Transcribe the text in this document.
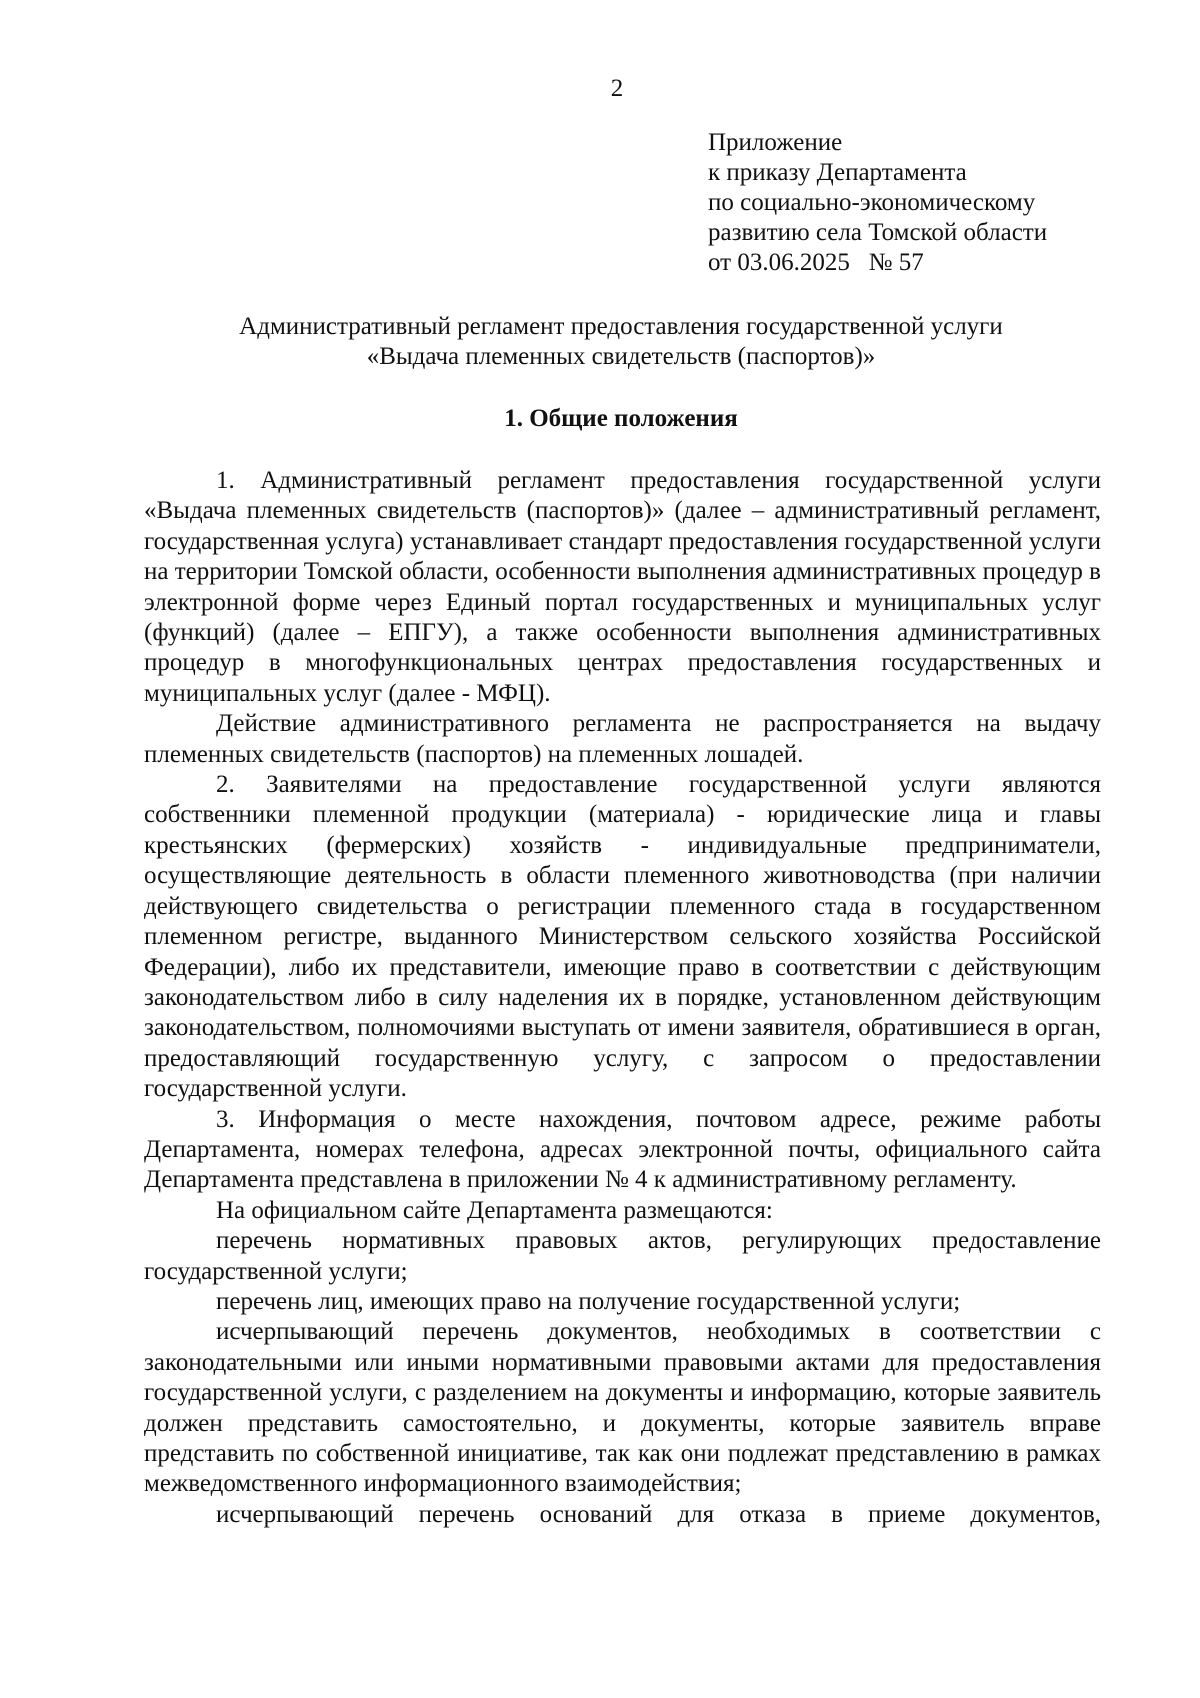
2
Приложение
к приказу Департамента
по социально-экономическому
развитию села Томской области
от 03.06.2025   № 57
Административный регламент предоставления государственной услуги
«Выдача племенных свидетельств (паспортов)»
1. Общие положения

1. Административный регламент предоставления государственной услуги «Выдача племенных свидетельств (паспортов)» (далее – административный регламент, государственная услуга) устанавливает стандарт предоставления государственной услуги на территории Томской области, особенности выполнения административных процедур в электронной форме через Единый портал государственных и муниципальных услуг (функций) (далее – ЕПГУ), а также особенности выполнения административных процедур в многофункциональных центрах предоставления государственных и муниципальных услуг (далее - МФЦ).

Действие административного регламента не распространяется на выдачу племенных свидетельств (паспортов) на племенных лошадей.

2. Заявителями на предоставление государственной услуги являются собственники племенной продукции (материала) - юридические лица и главы крестьянских (фермерских) хозяйств - индивидуальные предприниматели, осуществляющие деятельность в области племенного животноводства (при наличии действующего свидетельства о регистрации племенного стада в государственном племенном регистре, выданного Министерством сельского хозяйства Российской Федерации), либо их представители, имеющие право в соответствии с действующим законодательством либо в силу наделения их в порядке, установленном действующим законодательством, полномочиями выступать от имени заявителя, обратившиеся в орган, предоставляющий государственную услугу, с запросом о предоставлении государственной услуги.

3. Информация о месте нахождения, почтовом адресе, режиме работы Департамента, номерах телефона, адресах электронной почты, официального сайта Департамента представлена в приложении № 4 к административному регламенту.

На официальном сайте Департамента размещаются:

перечень нормативных правовых актов, регулирующих предоставление государственной услуги;

перечень лиц, имеющих право на получение государственной услуги;

исчерпывающий перечень документов, необходимых в соответствии с законодательными или иными нормативными правовыми актами для предоставления государственной услуги, с разделением на документы и информацию, которые заявитель должен представить самостоятельно, и документы, которые заявитель вправе представить по собственной инициативе, так как они подлежат представлению в рамках межведомственного информационного взаимодействия;

исчерпывающий перечень оснований для отказа в приеме документов,
